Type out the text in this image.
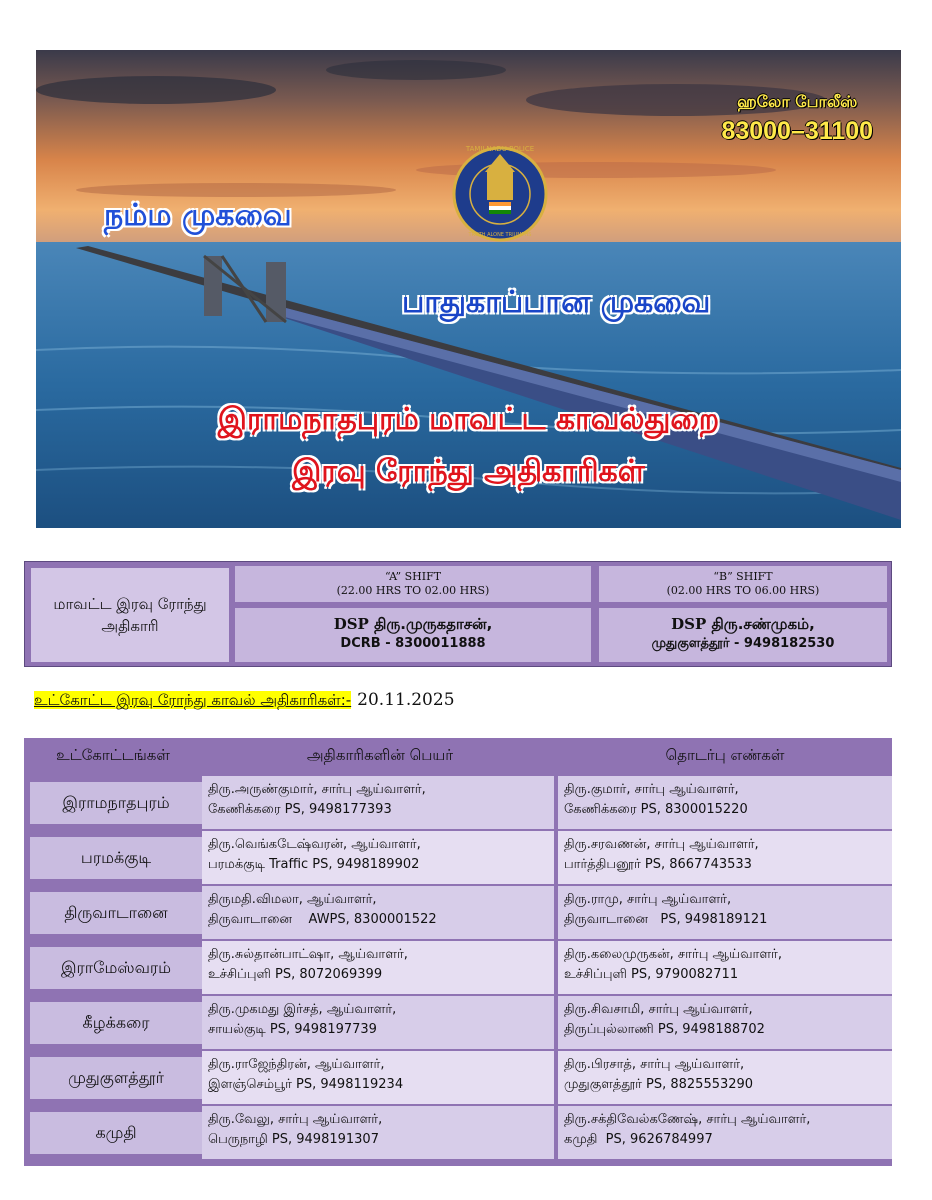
TAMILNADU POLICE
TRUTH ALONE TRIUMPHS
ஹலோ போலீஸ்
83000–31100
நம்ம முகவை
பாதுகாப்பான முகவை
இராமநாதபுரம் மாவட்ட காவல்துறை
இரவு ரோந்து அதிகாரிகள்
மாவட்ட இரவு ரோந்து அதிகாரி
“A” SHIFT
(22.00 HRS TO 02.00 HRS)
“B” SHIFT
(02.00 HRS TO 06.00 HRS)
DSP திரு.முருகதாசன்,
DCRB - 8300011888
DSP திரு.சண்முகம்,
முதுகுளத்தூர் - 9498182530
உட்கோட்ட இரவு ரோந்து காவல் அதிகாரிகள்:- 20.11.2025
உட்கோட்டங்கள்	அதிகாரிகளின் பெயர்	தொடர்பு எண்கள்
இராமநாதபுரம்
திரு.அருண்குமார், சார்பு ஆய்வாளர்,
கேணிக்கரை PS, 9498177393
திரு.குமார், சார்பு ஆய்வாளர்,
கேணிக்கரை PS, 8300015220
பரமக்குடி
திரு.வெங்கடேஷ்வரன், ஆய்வாளர்,
பரமக்குடி Traffic PS, 9498189902
திரு.சரவணன், சார்பு ஆய்வாளர்,
பார்த்திபனூர் PS, 8667743533
திருவாடானை
திருமதி.விமலா, ஆய்வாளர்,
திருவாடானை    AWPS, 8300001522
திரு.ராமு, சார்பு ஆய்வாளர்,
திருவாடானை   PS, 9498189121
இராமேஸ்வரம்
திரு.சுல்தான்பாட்ஷா, ஆய்வாளர்,
உச்சிப்புளி PS, 8072069399
திரு.கலைமுருகன், சார்பு ஆய்வாளர்,
உச்சிப்புளி PS, 9790082711
கீழக்கரை
திரு.முகமது இர்சத், ஆய்வாளர்,
சாயல்குடி PS, 9498197739
திரு.சிவசாமி, சார்பு ஆய்வாளர்,
திருப்புல்லாணி PS, 9498188702
முதுகுளத்தூர்
திரு.ராஜேந்திரன், ஆய்வாளர்,
இளஞ்செம்பூர் PS, 9498119234
திரு.பிரசாத், சார்பு ஆய்வாளர்,
முதுகுளத்தூர் PS, 8825553290
கமுதி
திரு.வேலு, சார்பு ஆய்வாளர்,
பெருநாழி PS, 9498191307
திரு.சக்திவேல்கணேஷ், சார்பு ஆய்வாளர்,
கமுதி  PS, 9626784997
